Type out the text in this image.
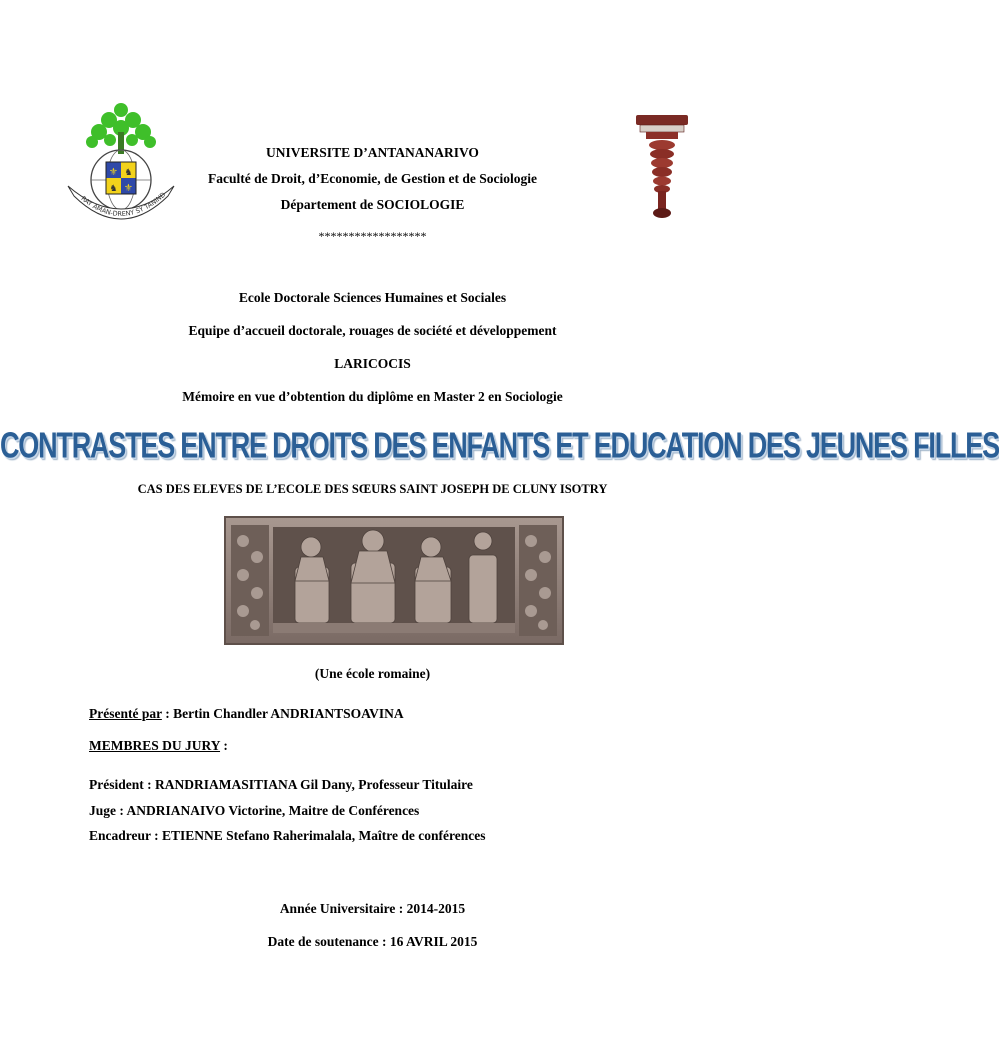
⚜
⚜
♞
♞
RAY AMAN-DRENY SY TANIND
UNIVERSITE D’ANTANANARIVO
Faculté de Droit, d’Economie, de Gestion et de Sociologie
Département de SOCIOLOGIE
******************
Ecole Doctorale Sciences Humaines et Sociales
Equipe d’accueil doctorale, rouages de société et développement
LARICOCIS
Mémoire en vue d’obtention du diplôme en Master 2 en Sociologie
CONTRASTES ENTRE DROITS DES ENFANTS ET EDUCATION DES JEUNES FILLES
CAS DES ELEVES DE L’ECOLE DES SŒURS SAINT JOSEPH DE CLUNY ISOTRY
(Une école romaine)
Présenté par : Bertin Chandler ANDRIANTSOAVINA
MEMBRES DU JURY :
Président : RANDRIAMASITIANA Gil Dany, Professeur Titulaire
Juge : ANDRIANAIVO Victorine, Maitre de Conférences
Encadreur : ETIENNE Stefano Raherimalala, Maître de conférences
Année Universitaire : 2014-2015
Date de soutenance : 16 AVRIL 2015
